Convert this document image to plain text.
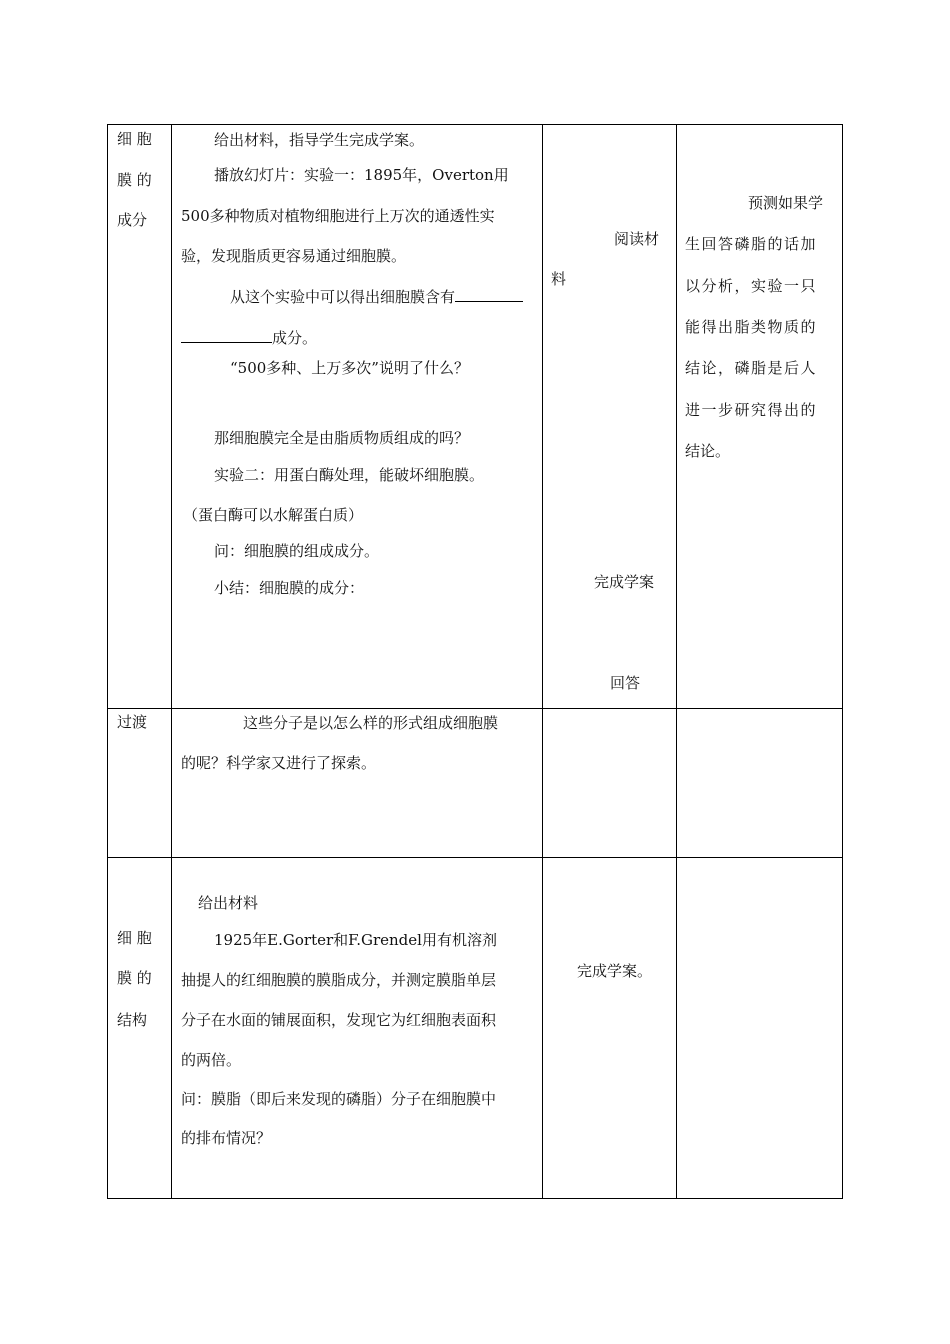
细 胞
膜 的
成分
给出材料，指导学生完成学案。
播放幻灯片：实验一：1895年，Overton用
500多种物质对植物细胞进行上万次的通透性实
验，发现脂质更容易通过细胞膜。
从这个实验中可以得出细胞膜含有
成分。
“500多种、上万多次”说明了什么？
那细胞膜完全是由脂质物质组成的吗？
实验二：用蛋白酶处理，能破坏细胞膜。
（蛋白酶可以水解蛋白质）
问：细胞膜的组成成分。
小结：细胞膜的成分：
阅读材
料
完成学案
回答
预测如果学
生回答磷脂的话加
以分析，实验一只
能得出脂类物质的
结论，磷脂是后人
进一步研究得出的
结论。
过渡	这些分子是以怎么样的形式组成细胞膜
的呢？科学家又进行了探索。
细 胞
膜 的
结构
给出材料
1925年E.Gorter和F.Grendel用有机溶剂
抽提人的红细胞膜的膜脂成分，并测定膜脂单层
分子在水面的铺展面积，发现它为红细胞表面积
的两倍。
问：膜脂（即后来发现的磷脂）分子在细胞膜中
的排布情况？
完成学案。
